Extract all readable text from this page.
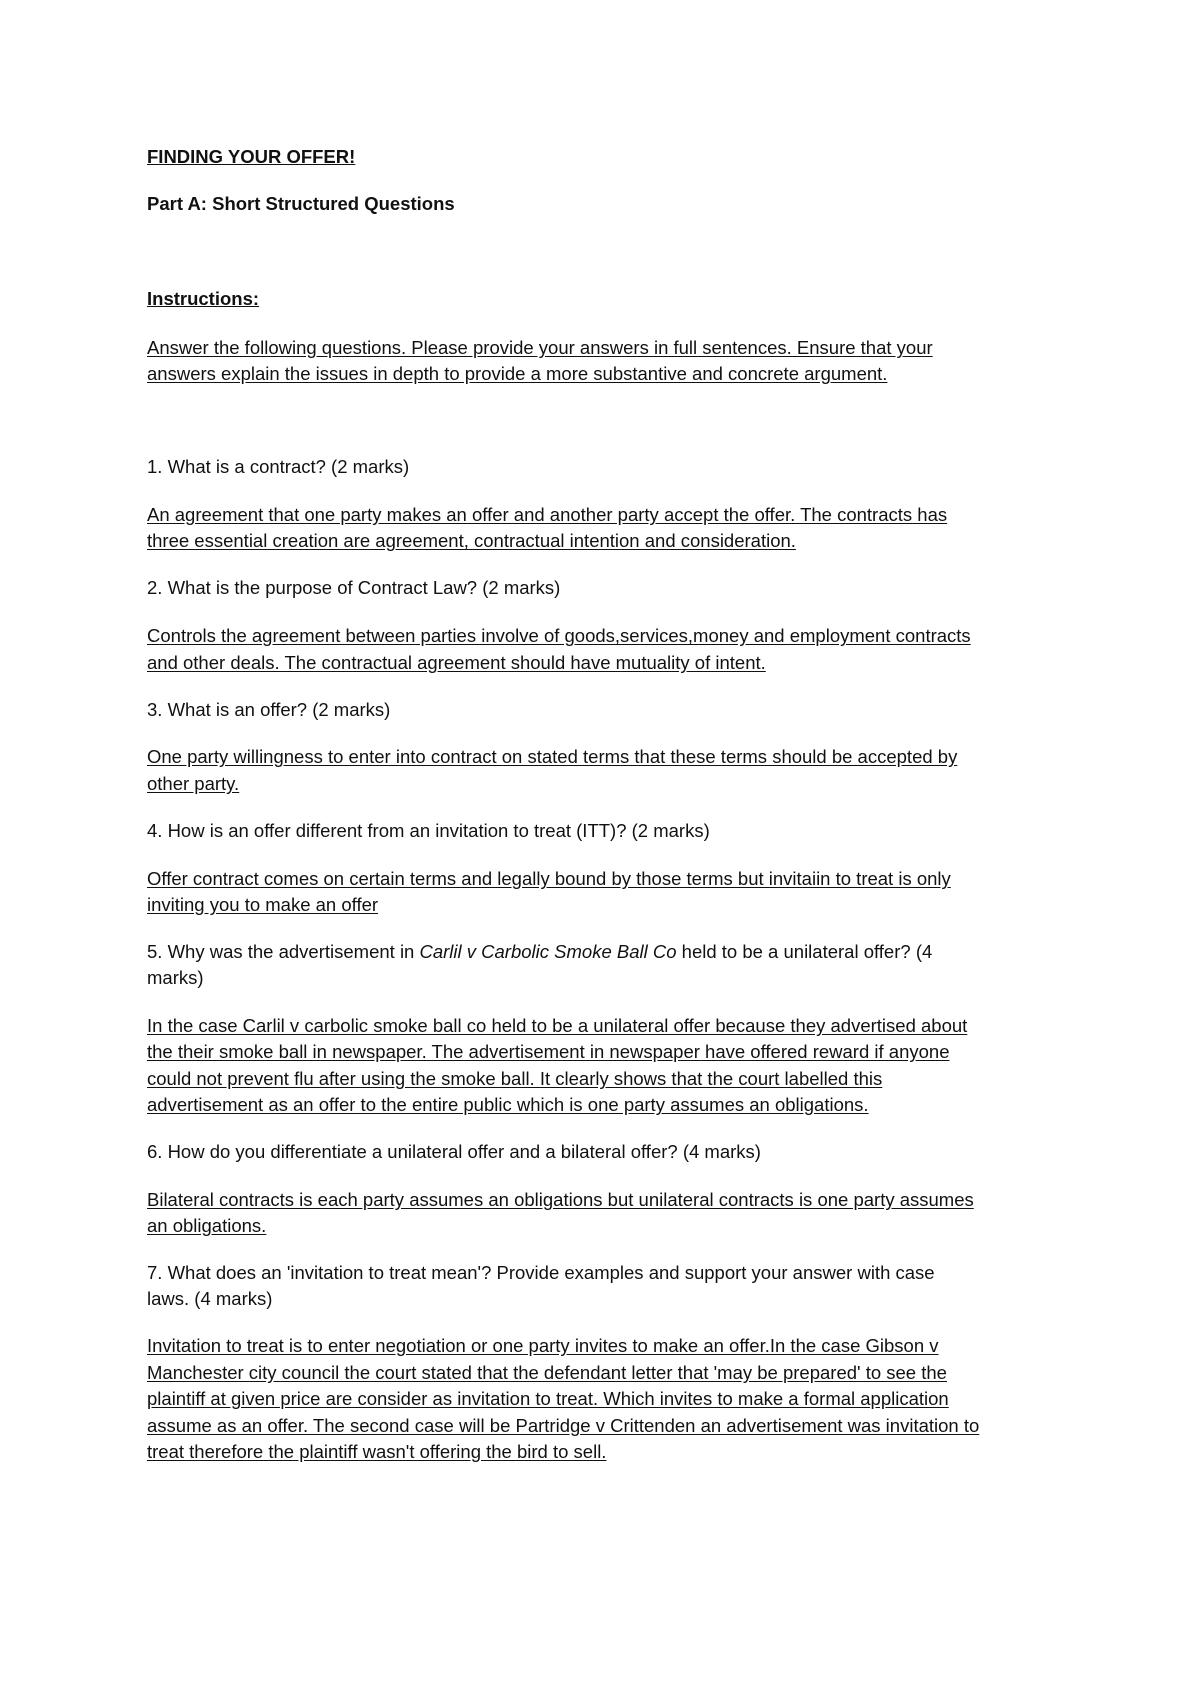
FINDING YOUR OFFER!
Part A: Short Structured Questions
Instructions:
Answer the following questions. Please provide your answers in full sentences. Ensure that your
answers explain the issues in depth to provide a more substantive and concrete argument.
1. What is a contract? (2 marks)
An agreement that one party makes an offer and another party accept the offer. The contracts has
three essential creation are agreement, contractual intention and consideration.
2. What is the purpose of Contract Law? (2 marks)
Controls the agreement between parties involve of goods,services,money and employment contracts
and other deals. The contractual agreement should have mutuality of intent.
3. What is an offer? (2 marks)
One party willingness to enter into contract on stated terms that these terms should be accepted by
other party.
4. How is an offer different from an invitation to treat (ITT)? (2 marks)
Offer contract comes on certain terms and legally bound by those terms but invitaiin to treat is only
inviting you to make an offer
5. Why was the advertisement in Carlil v Carbolic Smoke Ball Co held to be a unilateral offer? (4
marks)
In the case Carlil v carbolic smoke ball co held to be a unilateral offer because they advertised about
the their smoke ball in newspaper. The advertisement in newspaper have offered reward if anyone
could not prevent flu after using the smoke ball. It clearly shows that the court labelled this
advertisement as an offer to the entire public which is one party assumes an obligations.
6. How do you differentiate a unilateral offer and a bilateral offer? (4 marks)
Bilateral contracts is each party assumes an obligations but unilateral contracts is one party assumes
an obligations.
7. What does an 'invitation to treat mean'? Provide examples and support your answer with case
laws. (4 marks)
Invitation to treat is to enter negotiation or one party invites to make an offer.In the case Gibson v
Manchester city council the court stated that the defendant letter that 'may be prepared' to see the
plaintiff at given price are consider as invitation to treat. Which invites to make a formal application
assume as an offer. The second case will be Partridge v Crittenden an advertisement was invitation to
treat therefore the plaintiff wasn't offering the bird to sell.
